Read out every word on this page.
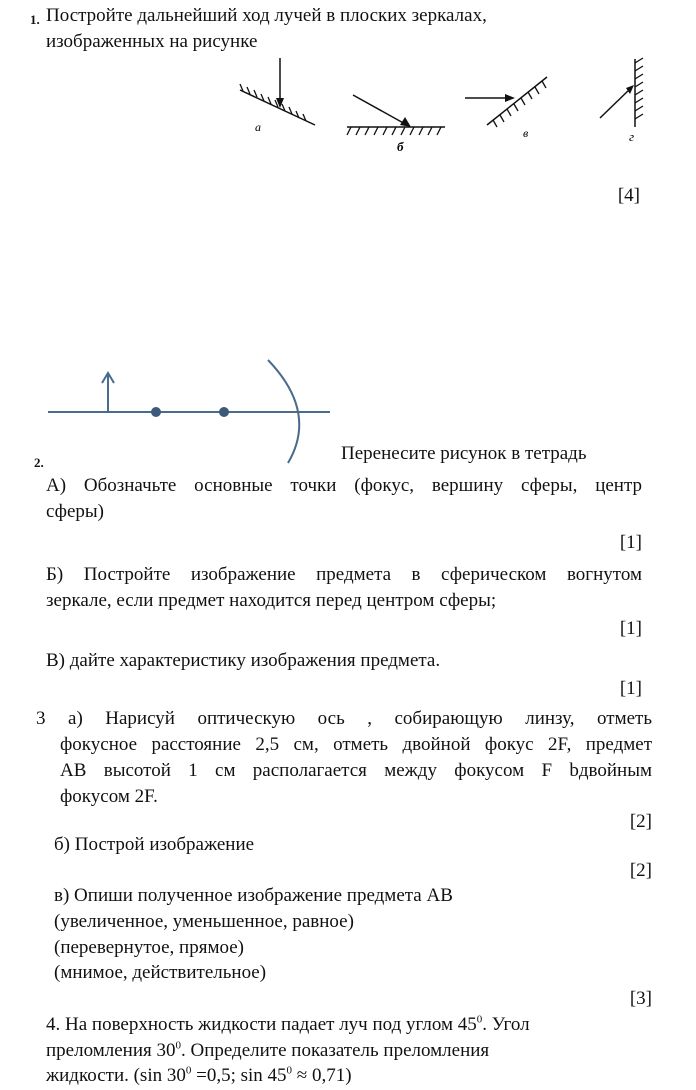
1. Постройте дальнейший ход лучей в плоских зеркалах,
изображенных на рисунке
а
б
в	г
[4]
2.	Перенесите рисунок в тетрадь
А) Обозначьте основные точки (фокус, вершину сферы, центр
сферы)
[1]
Б) Постройте изображение предмета в сферическом вогнутом
зеркале, если предмет находится перед центром сферы;
[1]
В) дайте характеристику изображения предмета.
[1]
3 а) Нарисуй оптическую ось , собирающую линзу, отметь
фокусное расстояние 2,5 см, отметь двойной фокус 2F, предмет
АВ высотой 1 см располагается между фокусом F bдвойным
фокусом 2F.
[2]
б) Построй изображение
[2]
в) Опиши полученное изображение предмета АВ
(увеличенное, уменьшенное, равное)
(перевернутое, прямое)
(мнимое, действительное)
[3]
4. На поверхность жидкости падает луч под углом $45^0$. Угол
преломления $30^0$. Определите показатель преломления
жидкости. (sin $30^0 =0,5$; $\sin 45^0 \approx 0,71$)
